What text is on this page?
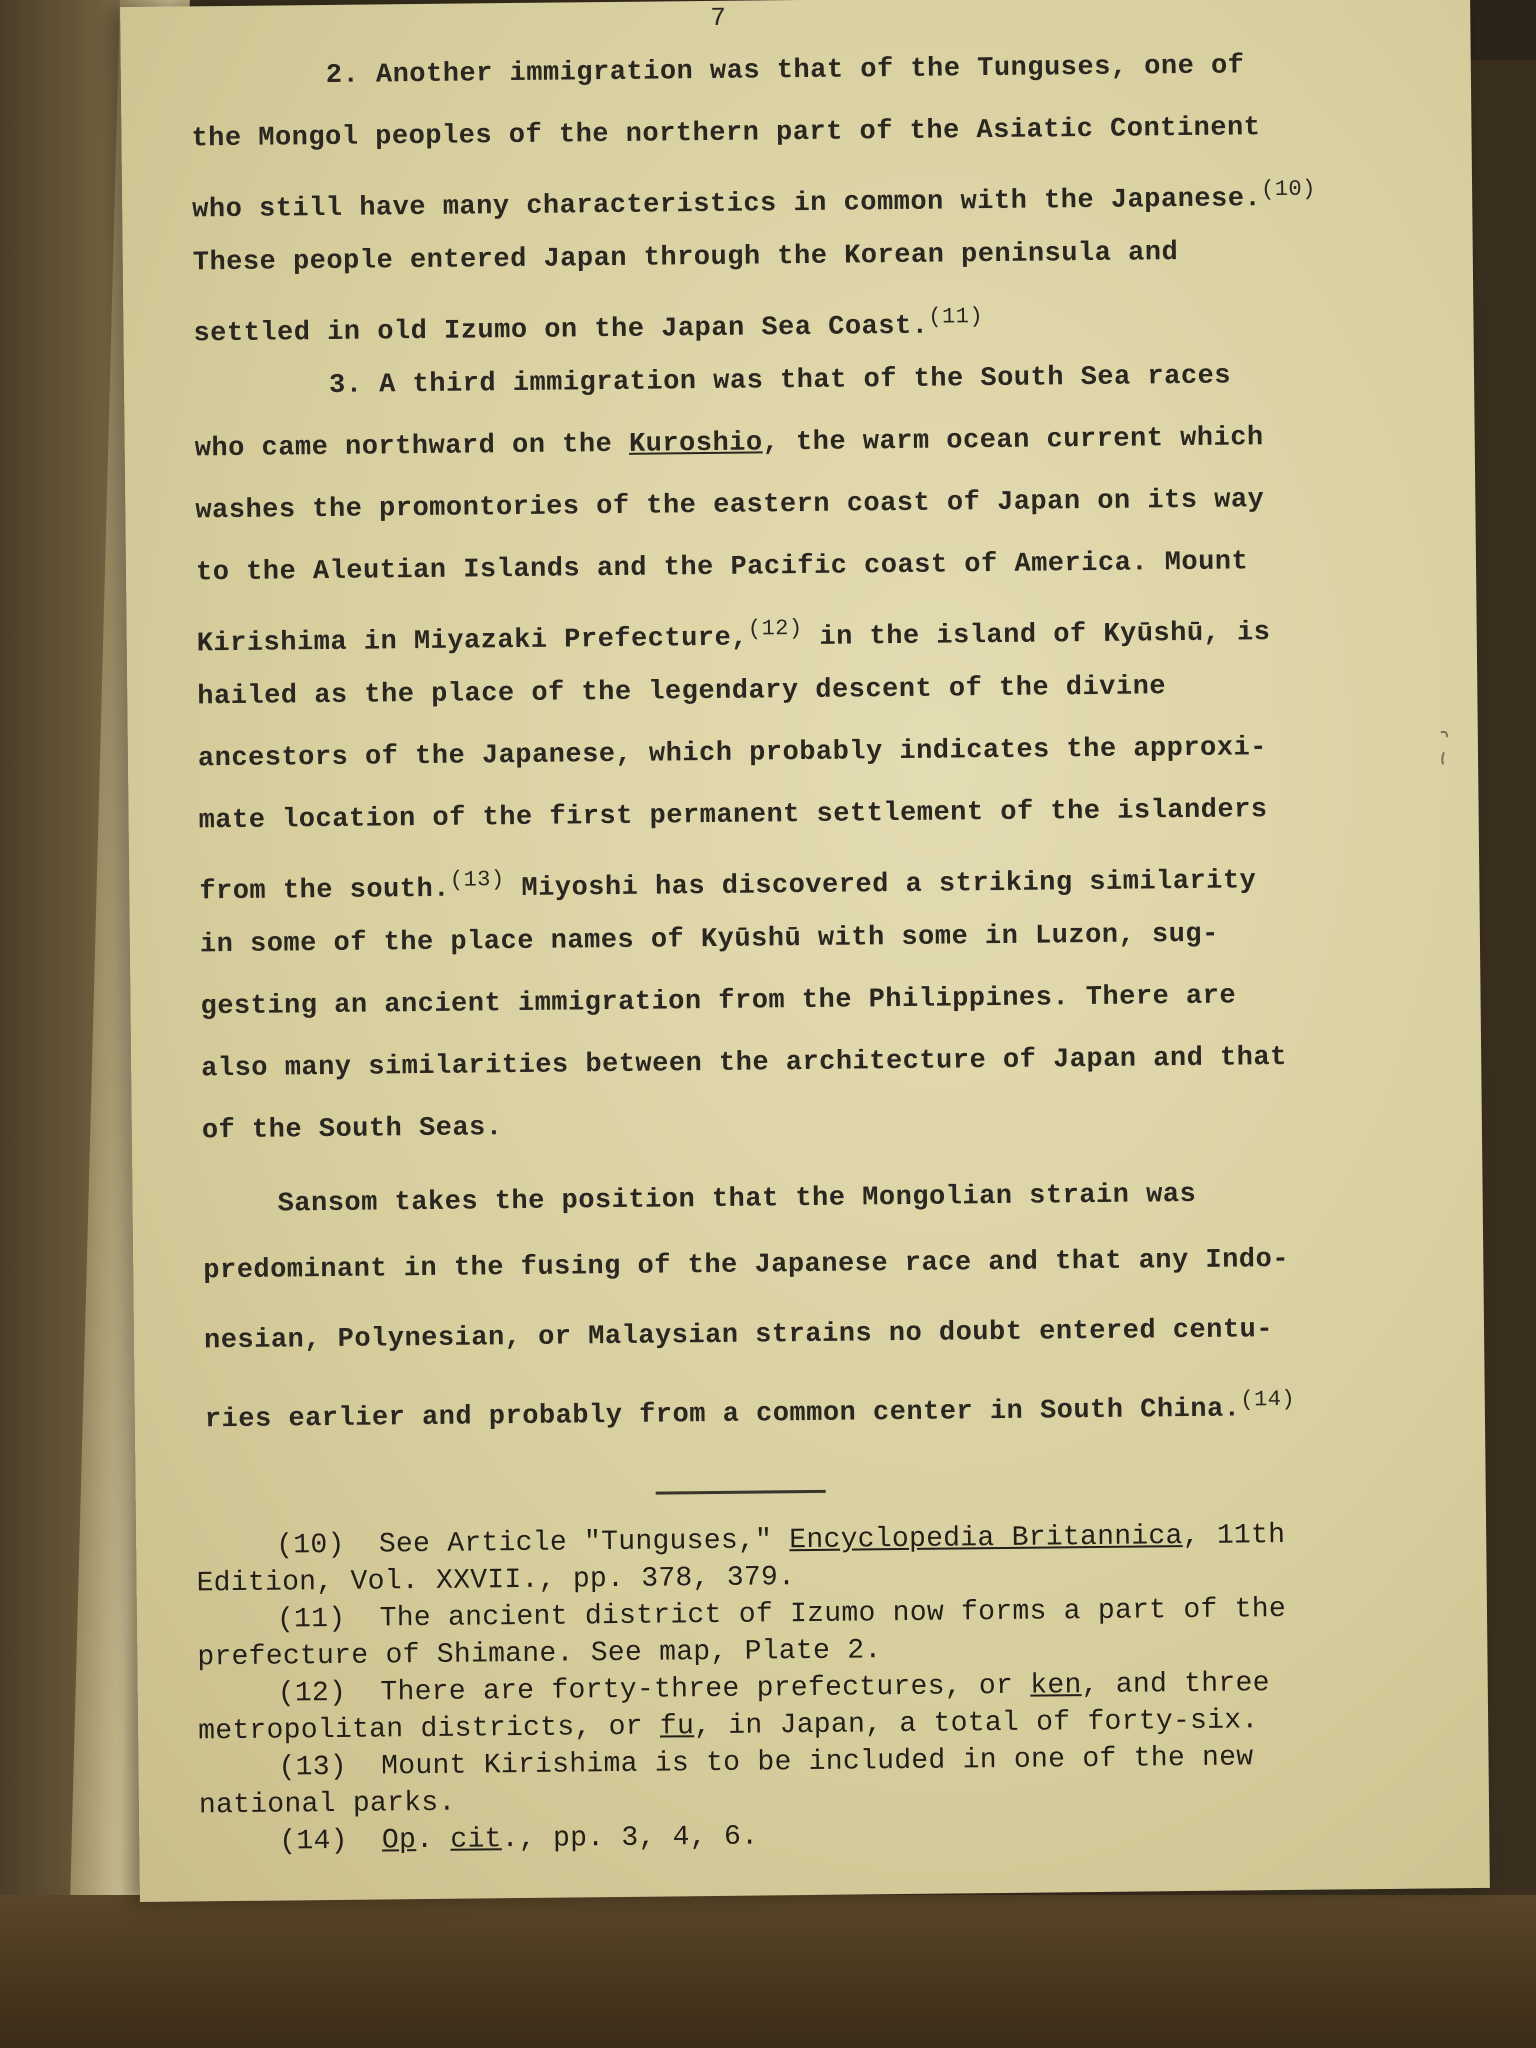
7
2. Another immigration was that of the Tunguses, one of
the Mongol peoples of the northern part of the Asiatic Continent
who still have many characteristics in common with the Japanese.$^{(10)}$
These people entered Japan through the Korean peninsula and
settled in old Izumo on the Japan Sea Coast.$^{(11)}$
3. A third immigration was that of the South Sea races
who came northward on the Kuroshio, the warm ocean current which
washes the promontories of the eastern coast of Japan on its way
to the Aleutian Islands and the Pacific coast of America. Mount
Kirishima in Miyazaki Prefecture,$^{(12)}$ in the island of Kyūshū, is
hailed as the place of the legendary descent of the divine
ancestors of the Japanese, which probably indicates the approxi-
mate location of the first permanent settlement of the islanders
from the south.$^{(13)}$ Miyoshi has discovered a striking similarity
in some of the place names of Kyūshū with some in Luzon, sug-
gesting an ancient immigration from the Philippines. There are
also many similarities between the architecture of Japan and that
of the South Seas.
Sansom takes the position that the Mongolian strain was
predominant in the fusing of the Japanese race and that any Indo-
nesian, Polynesian, or Malaysian strains no doubt entered centu-
ries earlier and probably from a common center in South China.$^{(14)}$
(10) See Article "Tunguses," Encyclopedia Britannica, 11th
Edition, Vol. XXVII., pp. 378, 379.
(11) The ancient district of Izumo now forms a part of the
prefecture of Shimane. See map, Plate 2.
(12) There are forty-three prefectures, or ken, and three
metropolitan districts, or fu, in Japan, a total of forty-six.
(13) Mount Kirishima is to be included in one of the new
national parks.
(14) Op. cit., pp. 3, 4, 6.
